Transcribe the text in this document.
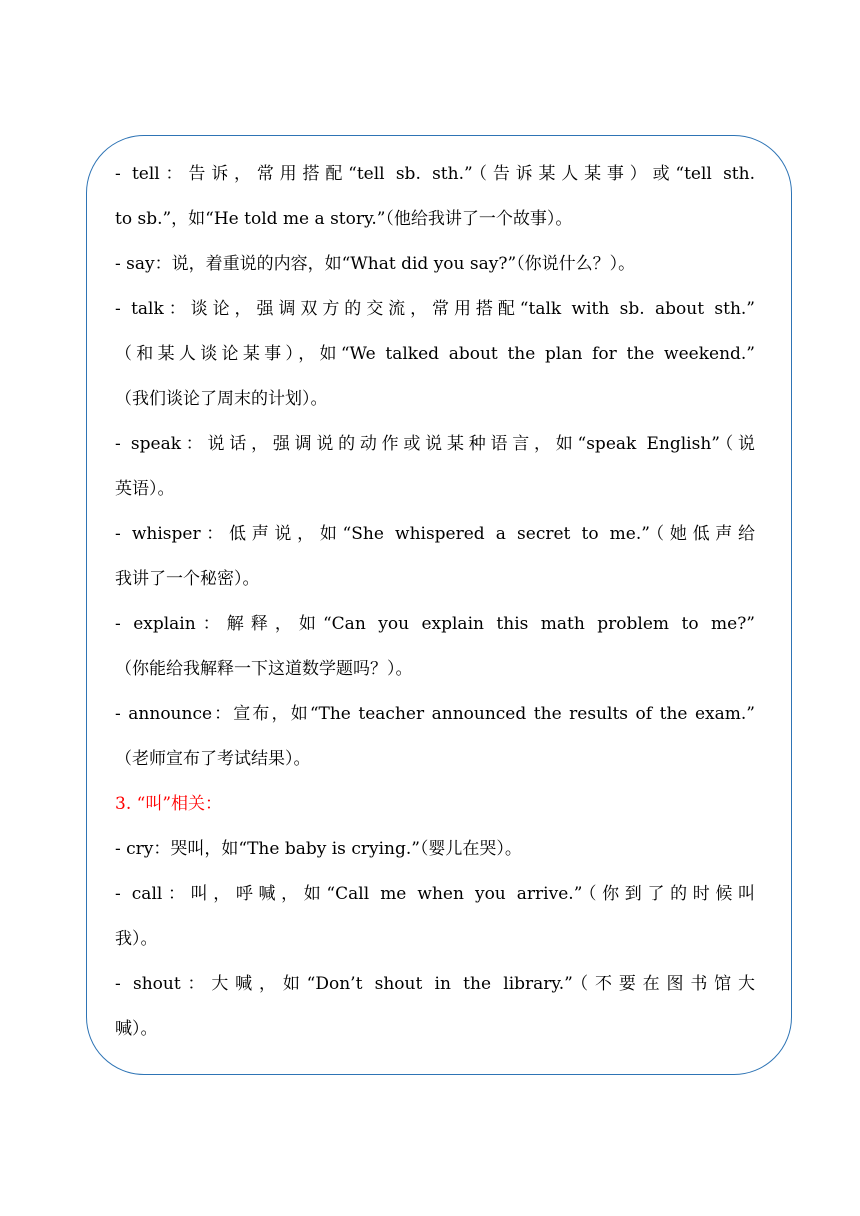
- tell：告诉，常用搭配“tell sb. sth.”（告诉某人某事）或“tell sth.
to sb.”，如“He told me a story.”（他给我讲了一个故事）。
- say：说，着重说的内容，如“What did you say?”（你说什么？）。
- talk：谈论，强调双方的交流，常用搭配“talk with sb. about sth.”
（和某人谈论某事），如“We talked about the plan for the weekend.”
（我们谈论了周末的计划）。
- speak：说话，强调说的动作或说某种语言，如“speak English”（说
英语）。
- whisper：低声说，如“She whispered a secret to me.”（她低声给
我讲了一个秘密）。
- explain：解释，如“Can you explain this math problem to me?”
（你能给我解释一下这道数学题吗？）。
- announce：宣布，如“The teacher announced the results of the exam.”
（老师宣布了考试结果）。
3. “叫”相关：
- cry：哭叫，如“The baby is crying.”（婴儿在哭）。
- call：叫，呼喊，如“Call me when you arrive.”（你到了的时候叫
我）。
- shout：大喊，如“Don’t shout in the library.”（不要在图书馆大
喊）。
